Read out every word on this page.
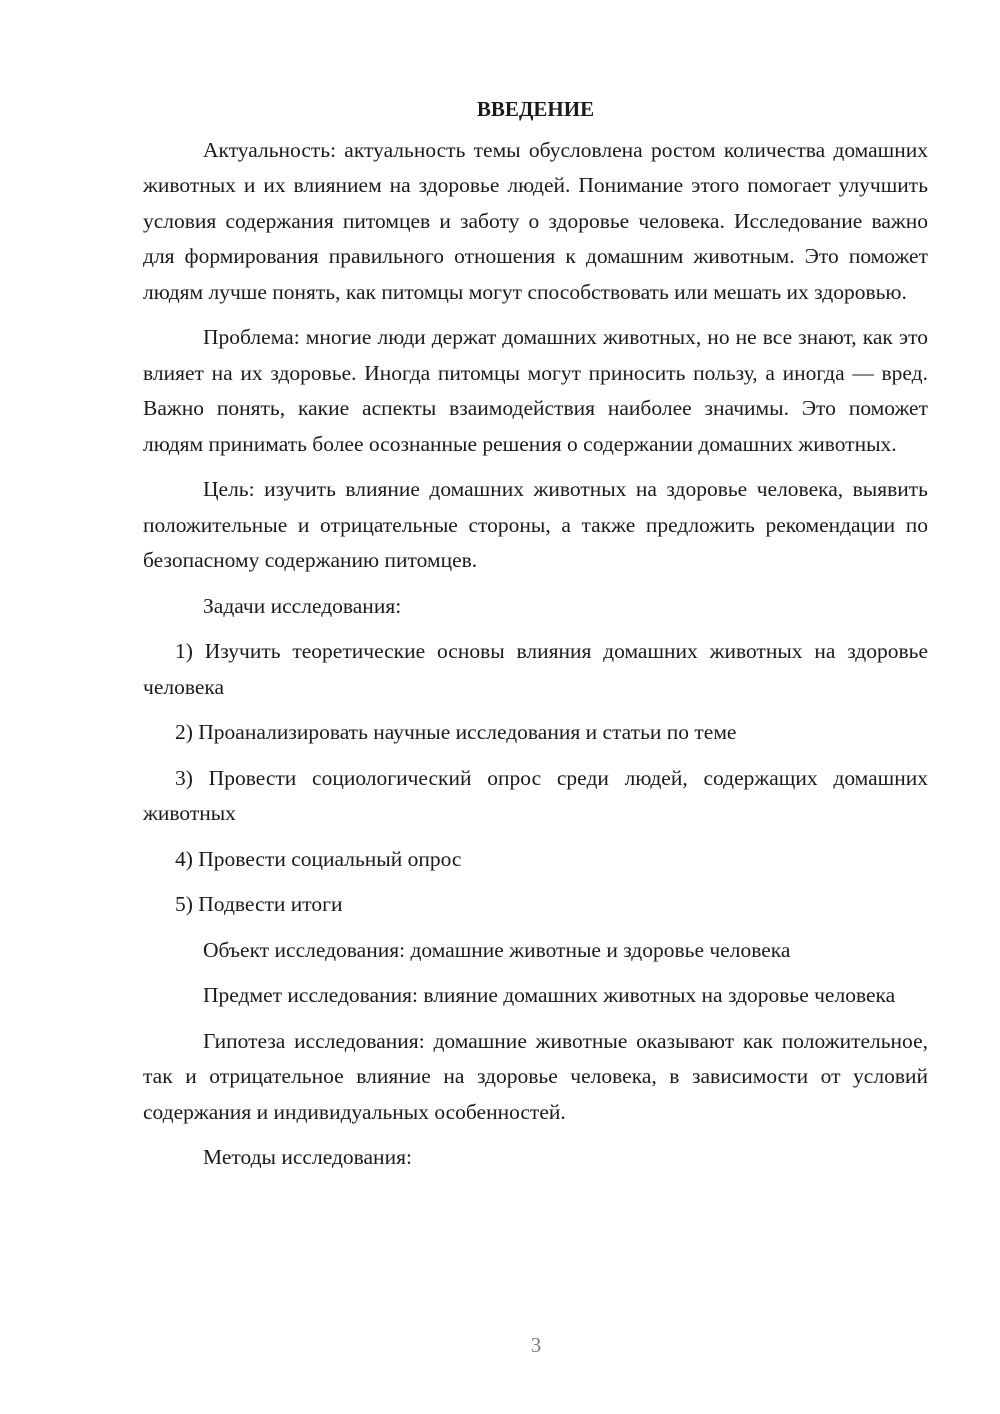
ВВЕДЕНИЕ

Актуальность: актуальность темы обусловлена ростом количества домашних животных и их влиянием на здоровье людей. Понимание этого помогает улучшить условия содержания питомцев и заботу о здоровье человека. Исследование важно для формирования правильного отношения к домашним животным. Это поможет людям лучше понять, как питомцы могут способствовать или мешать их здоровью.

Проблема: многие люди держат домашних животных, но не все знают, как это влияет на их здоровье. Иногда питомцы могут приносить пользу, а иногда — вред. Важно понять, какие аспекты взаимодействия наиболее значимы. Это поможет людям принимать более осознанные решения о содержании домашних животных.

Цель: изучить влияние домашних животных на здоровье человека, выявить положительные и отрицательные стороны, а также предложить рекомендации по безопасному содержанию питомцев.

Задачи исследования:

1) Изучить теоретические основы влияния домашних животных на здоровье человека

2) Проанализировать научные исследования и статьи по теме

3) Провести социологический опрос среди людей, содержащих домашних животных

4) Провести социальный опрос

5) Подвести итоги

Объект исследования: домашние животные и здоровье человека

Предмет исследования: влияние домашних животных на здоровье человека

Гипотеза исследования: домашние животные оказывают как положительное, так и отрицательное влияние на здоровье человека, в зависимости от условий содержания и индивидуальных особенностей.

Методы исследования:

3
